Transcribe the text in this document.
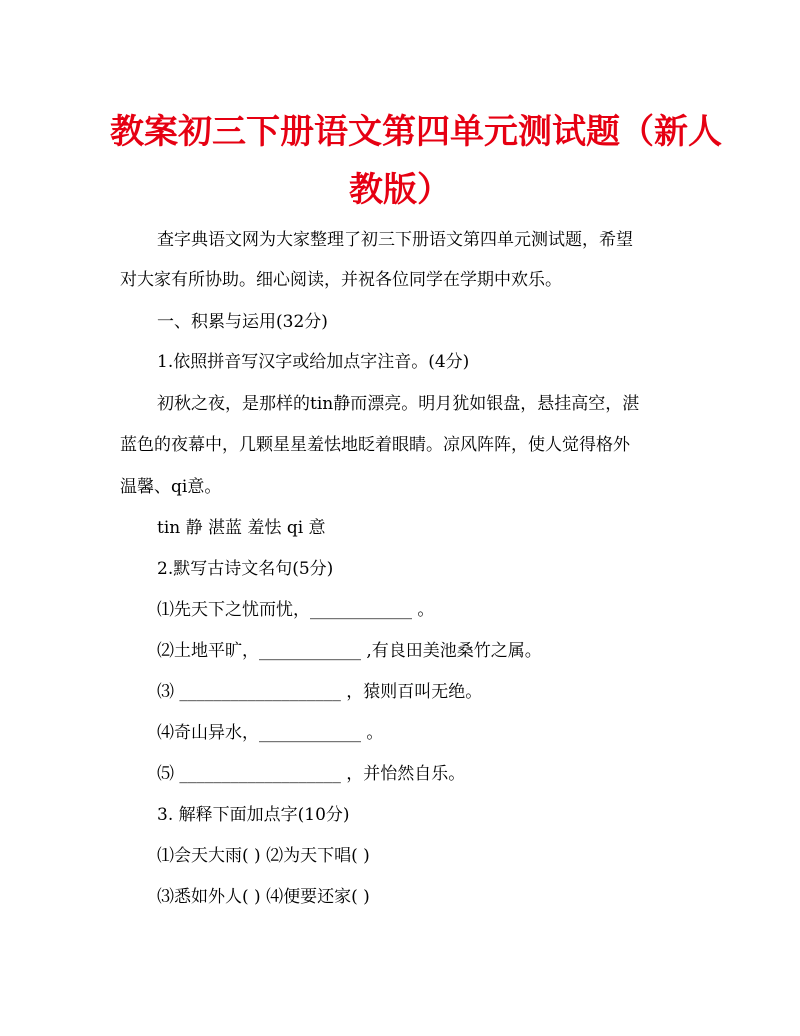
教案初三下册语文第四单元测试题（新人
教版）
查字典语文网为大家整理了初三下册语文第四单元测试题，希望
对大家有所协助。细心阅读，并祝各位同学在学期中欢乐。
一、积累与运用(32分)
1.依照拼音写汉字或给加点字注音。(4分)
初秋之夜，是那样的tin静而漂亮。明月犹如银盘，悬挂高空，湛
蓝色的夜幕中，几颗星星羞怯地眨着眼睛。凉风阵阵，使人觉得格外
温馨、qi意。
tin 静 湛蓝 羞怯 qi 意
2.默写古诗文名句(5分)
⑴先天下之忧而忧，____________ 。
⑵土地平旷，____________ ,有良田美池桑竹之属。
⑶ ___________________ ，猿则百叫无绝。
⑷奇山异水，____________ 。
⑸ ___________________ ，并怡然自乐。
3. 解释下面加点字(10分)
⑴会天大雨( ) ⑵为天下唱( )
⑶悉如外人( ) ⑷便要还家( )
